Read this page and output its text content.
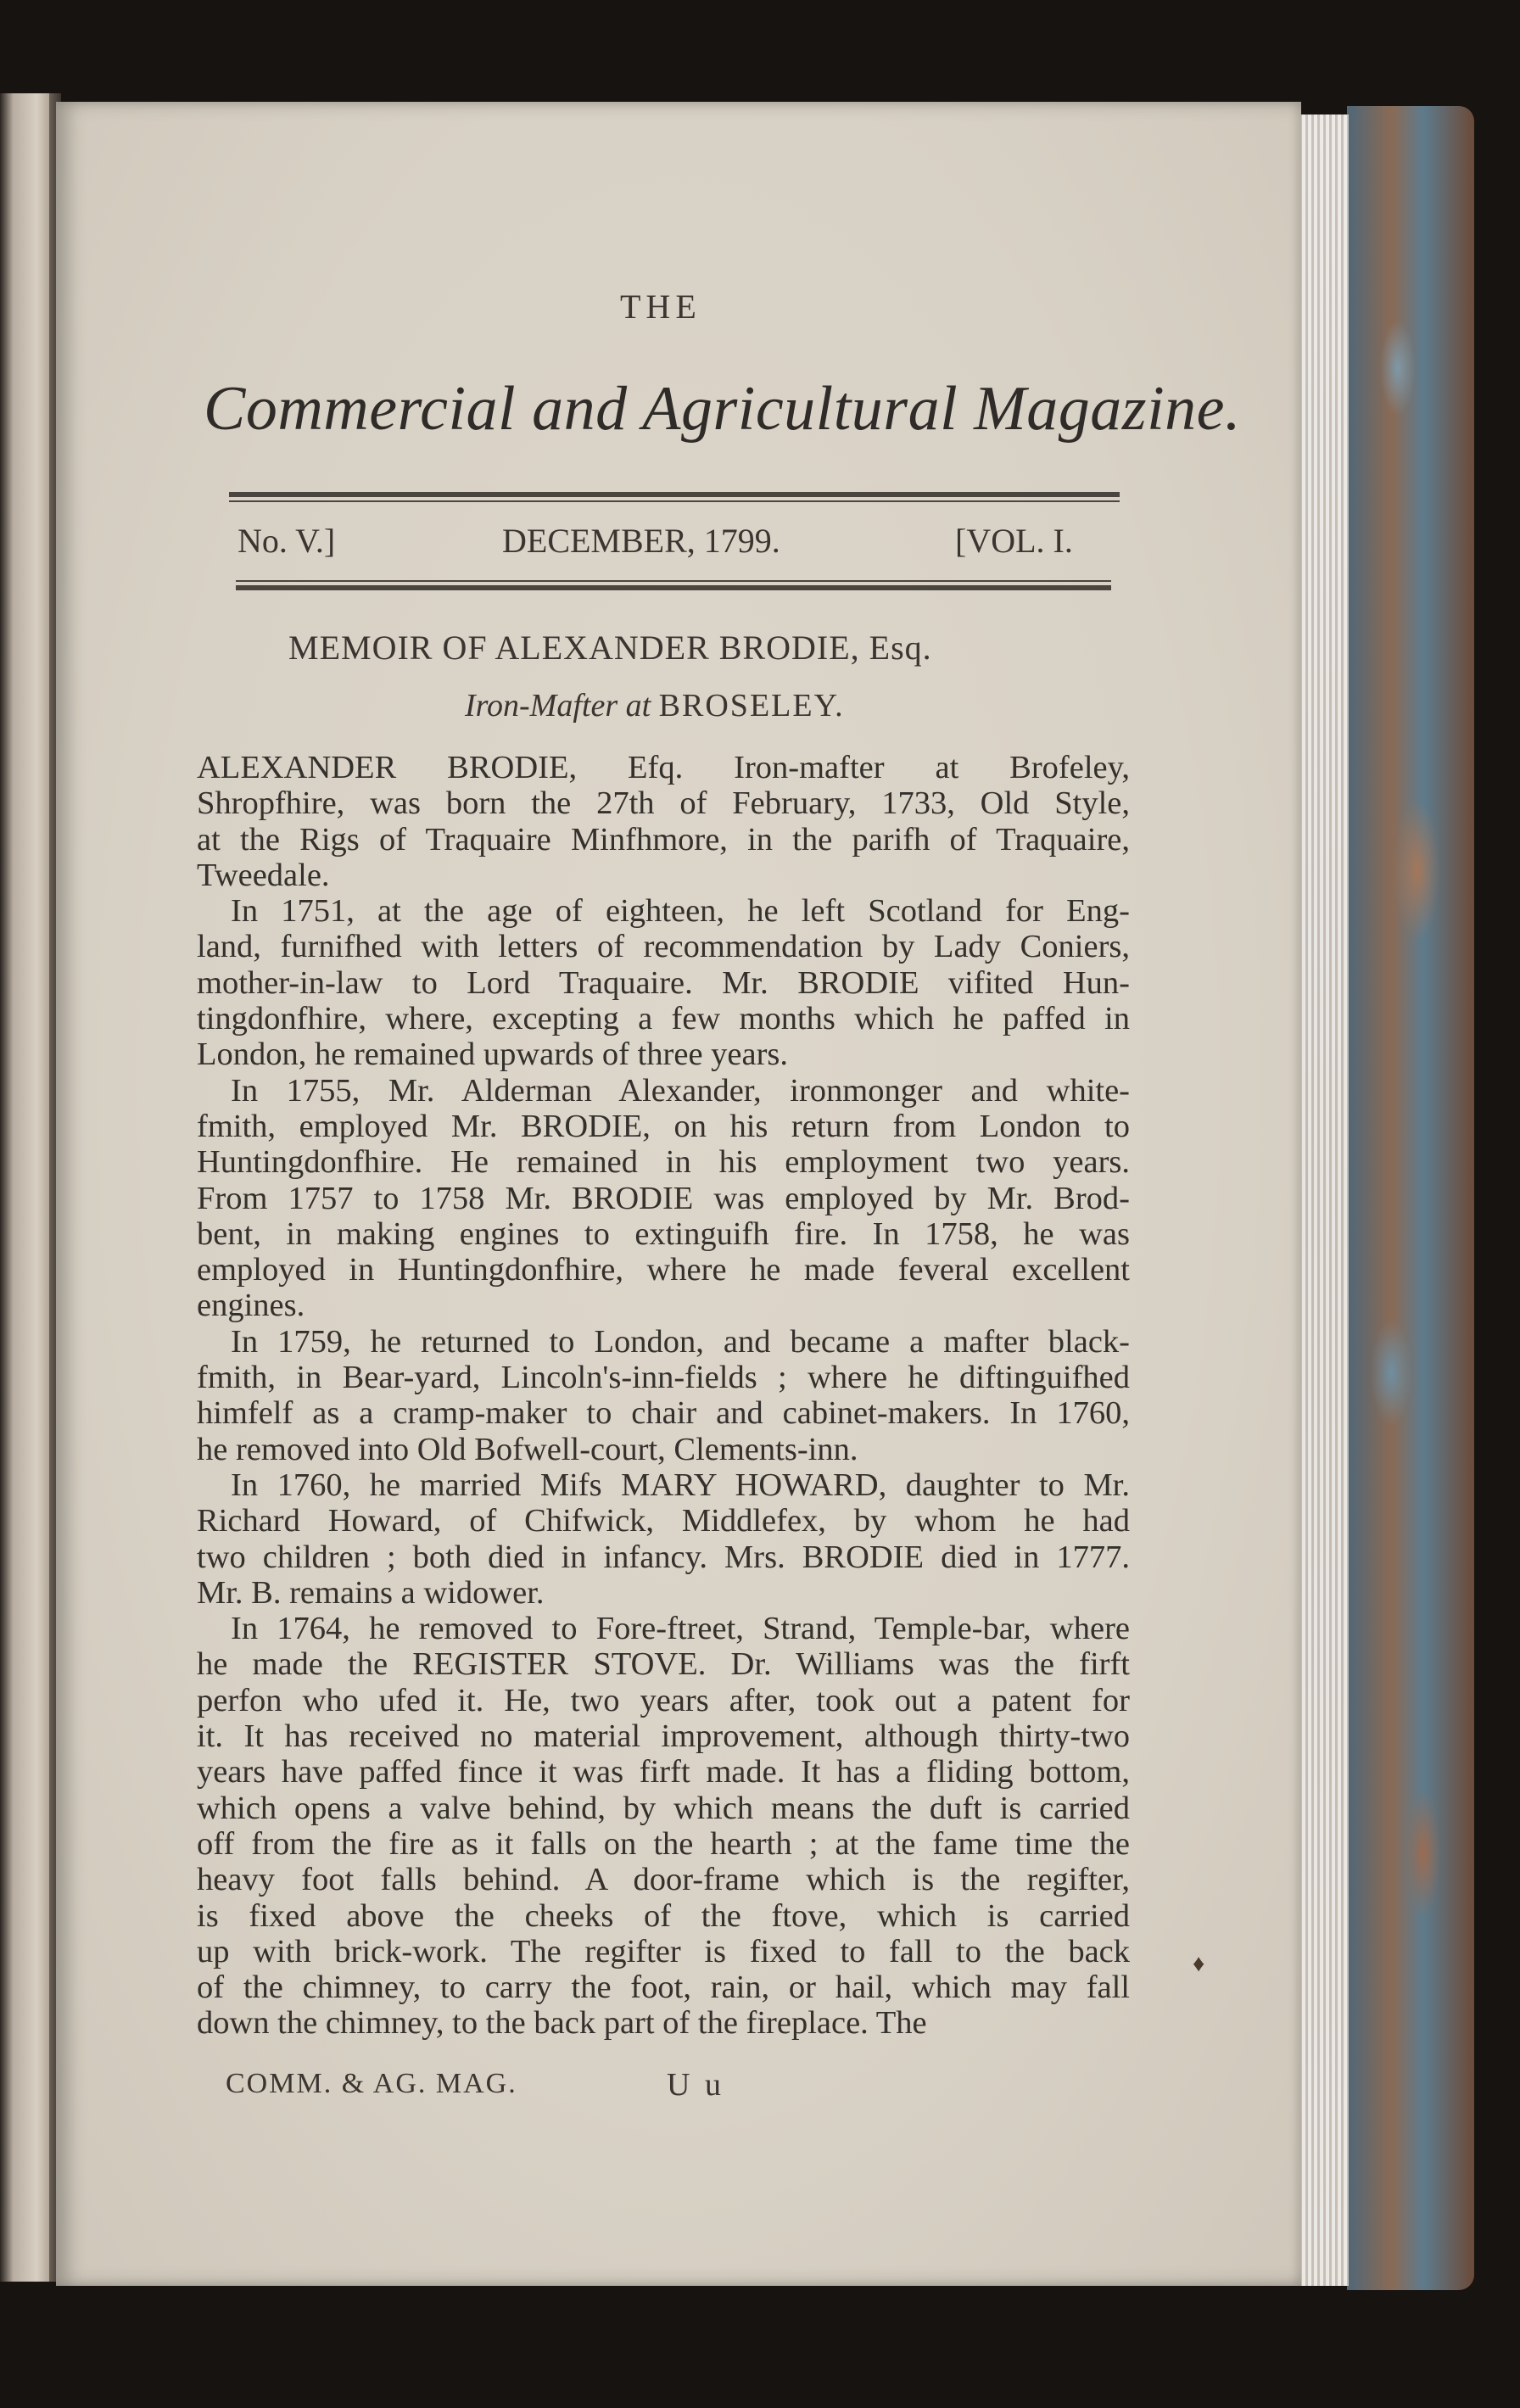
THE
Commercial and Agricultural Magazine.
No. V.]	DECEMBER, 1799.	[VOL. I.
MEMOIR OF ALEXANDER BRODIE, Esq.
Iron-Mafter at BROSELEY.
ALEXANDER BRODIE, Efq. Iron-mafter at Brofeley,
Shropfhire, was born the 27th of February, 1733, Old Style,
at the Rigs of Traquaire Minfhmore, in the parifh of Traquaire,
Tweedale.
In 1751, at the age of eighteen, he left Scotland for Eng-
land, furnifhed with letters of recommendation by Lady Coniers,
mother-in-law to Lord Traquaire. Mr. BRODIE vifited Hun-
tingdonfhire, where, excepting a few months which he paffed in
London, he remained upwards of three years.
In 1755, Mr. Alderman Alexander, ironmonger and white-
fmith, employed Mr. BRODIE, on his return from London to
Huntingdonfhire. He remained in his employment two years.
From 1757 to 1758 Mr. BRODIE was employed by Mr. Brod-
bent, in making engines to extinguifh fire. In 1758, he was
employed in Huntingdonfhire, where he made feveral excellent
engines.
In 1759, he returned to London, and became a mafter black-
fmith, in Bear-yard, Lincoln's-inn-fields ; where he diftinguifhed
himfelf as a cramp-maker to chair and cabinet-makers. In 1760,
he removed into Old Bofwell-court, Clements-inn.
In 1760, he married Mifs MARY HOWARD, daughter to Mr.
Richard Howard, of Chifwick, Middlefex, by whom he had
two children ; both died in infancy. Mrs. BRODIE died in 1777.
Mr. B. remains a widower.
In 1764, he removed to Fore-ftreet, Strand, Temple-bar, where
he made the REGISTER STOVE. Dr. Williams was the firft
perfon who ufed it. He, two years after, took out a patent for
it. It has received no material improvement, although thirty-two
years have paffed fince it was firft made. It has a fliding bottom,
which opens a valve behind, by which means the duft is carried
off from the fire as it falls on the hearth ; at the fame time the
heavy foot falls behind. A door-frame which is the regifter,
is fixed above the cheeks of the ftove, which is carried
up with brick-work. The regifter is fixed to fall to the back
of the chimney, to carry the foot, rain, or hail, which may fall
down the chimney, to the back part of the fireplace. The
COMM. & AG. MAG.	U u
♦
